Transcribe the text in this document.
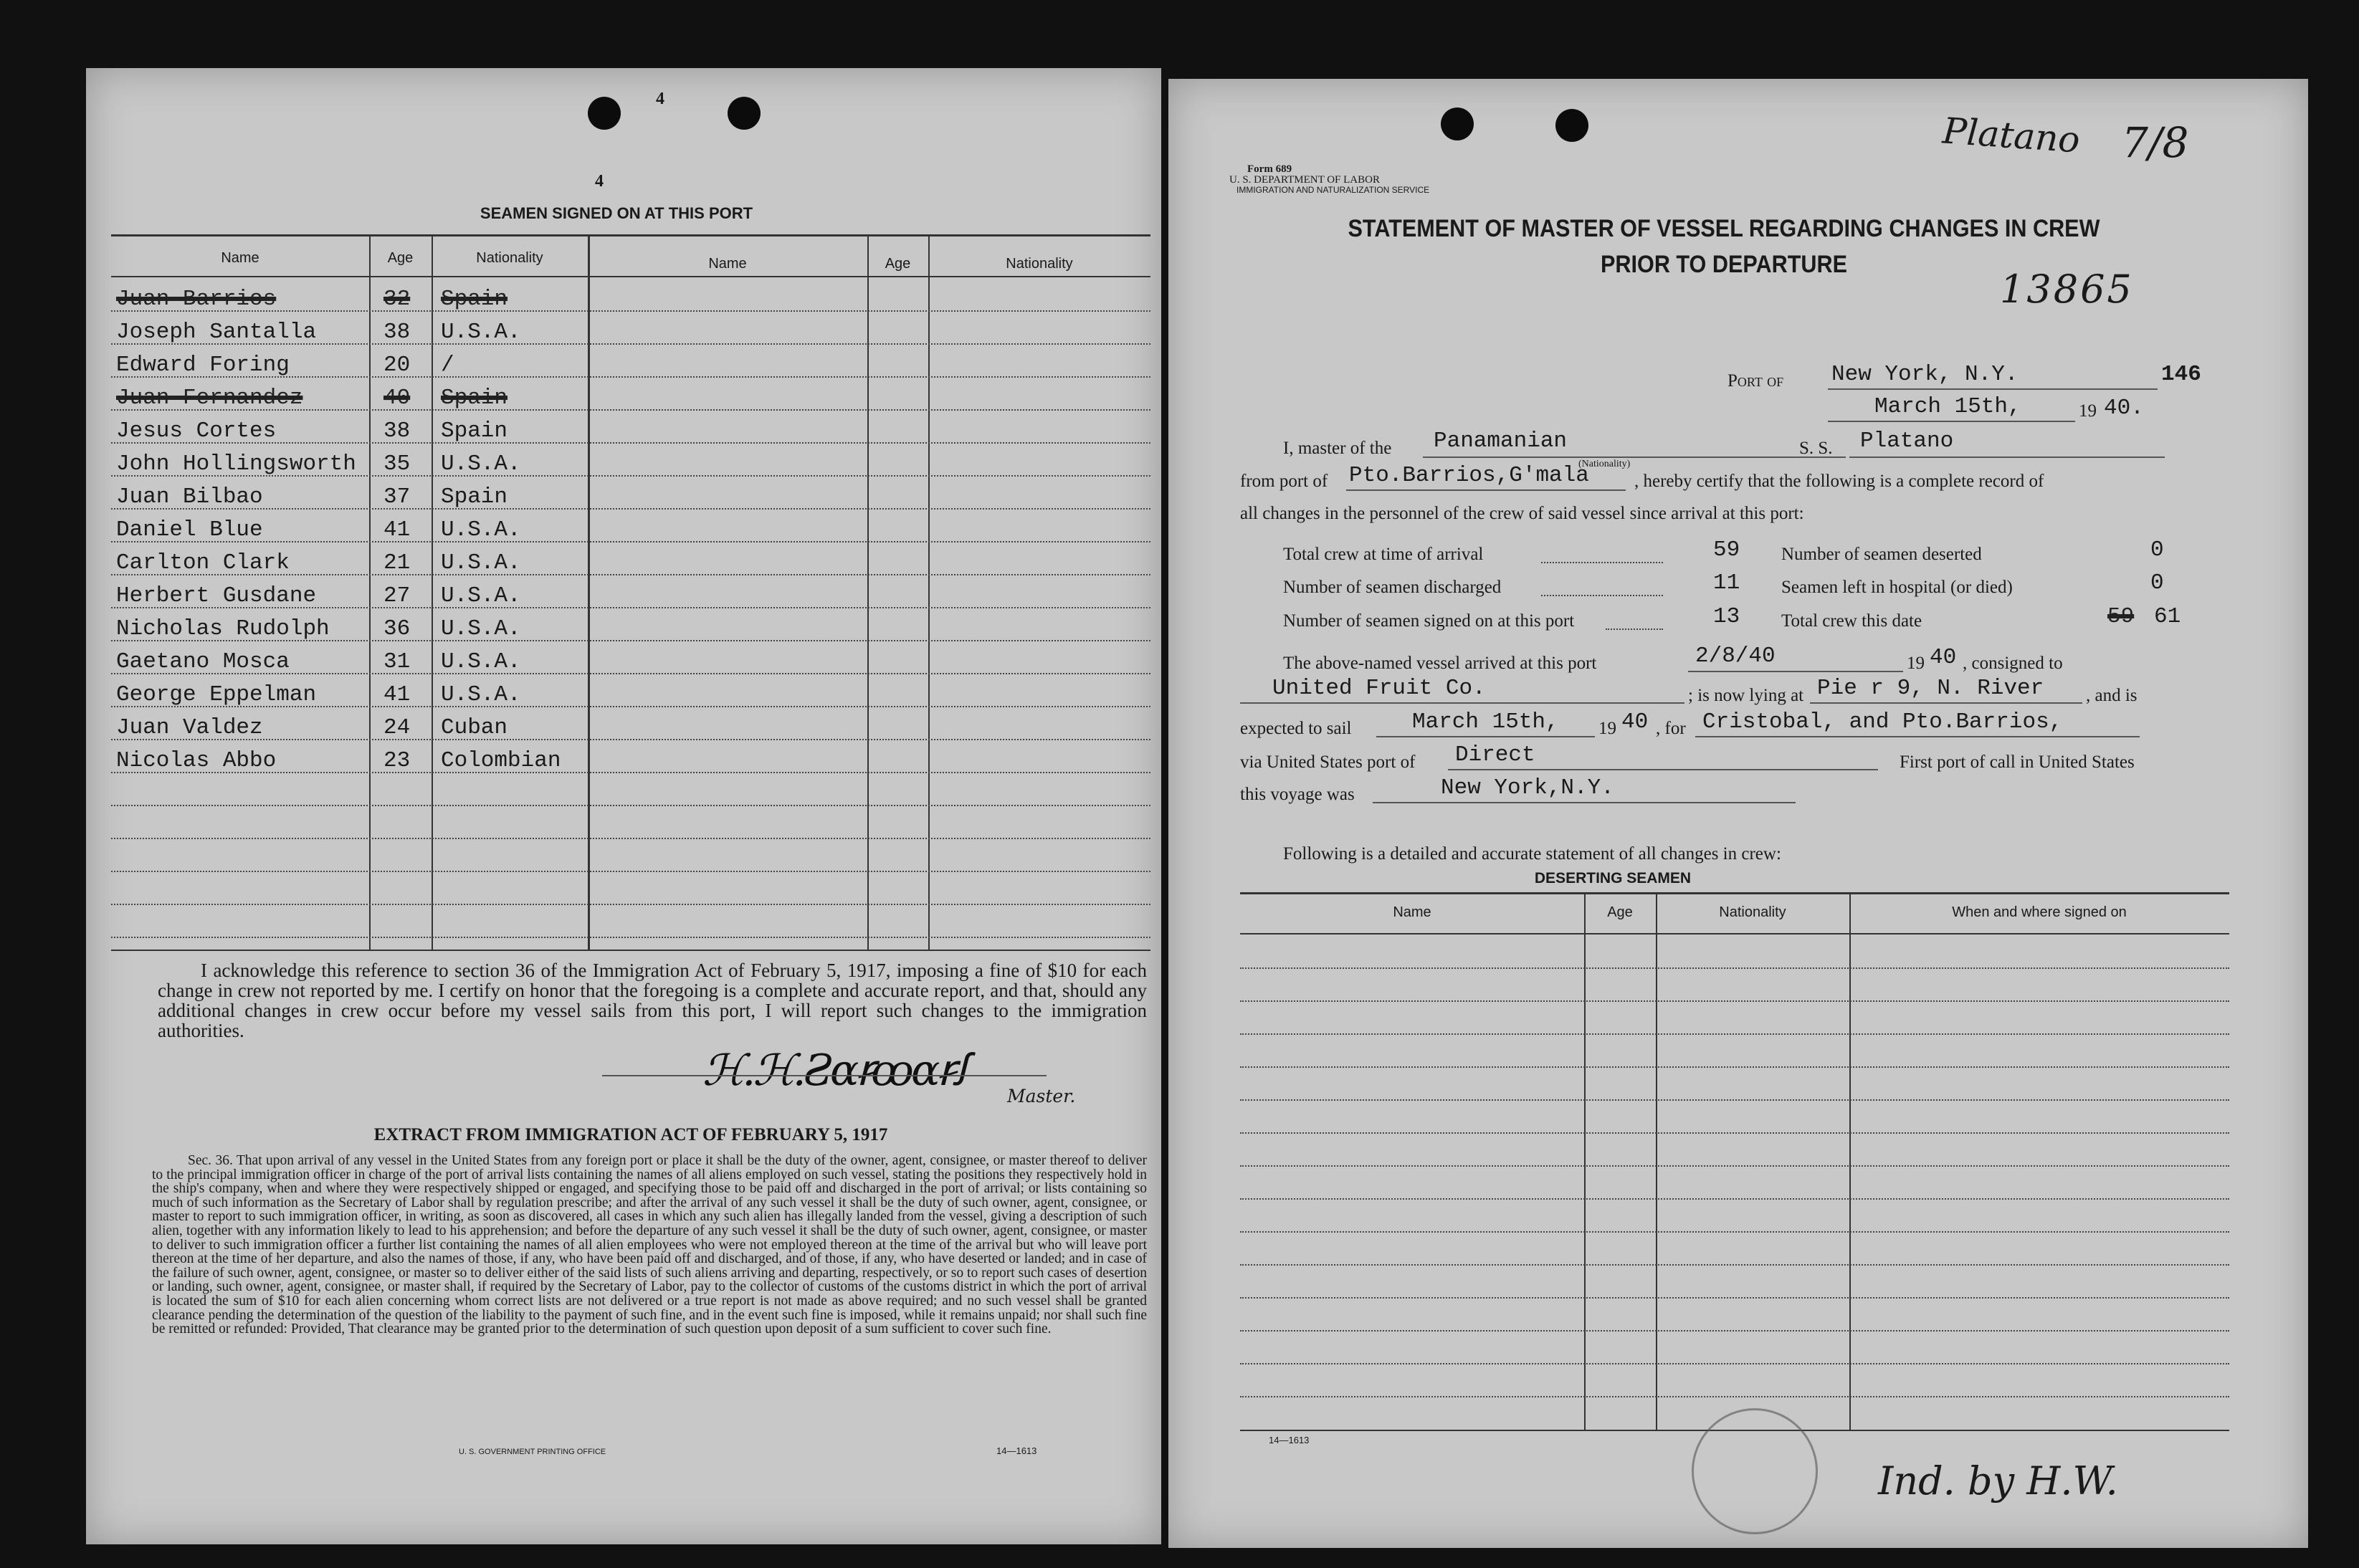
4
4
SEAMEN SIGNED ON AT THIS PORT
Name	Age	Nationality	Name	Age	Nationality
I acknowledge this reference to section 36 of the Immigration Act of February 5, 1917, imposing a fine of $10 for each change in crew not reported by me. I certify on honor that the foregoing is a complete and accurate report, and that, should any additional changes in crew occur before my vessel sails from this port, I will report such changes to the immigration authorities.
ℋ.ℋ.Ƨɑꞧꝏɑꞧꭍ
Master.
EXTRACT FROM IMMIGRATION ACT OF FEBRUARY 5, 1917
Sec. 36. That upon arrival of any vessel in the United States from any foreign port or place it shall be the duty of the owner, agent, consignee, or master thereof to deliver to the principal immigration officer in charge of the port of arrival lists containing the names of all aliens employed on such vessel, stating the positions they respectively hold in the ship's company, when and where they were respectively shipped or engaged, and specifying those to be paid off and discharged in the port of arrival; or lists containing so much of such information as the Secretary of Labor shall by regulation prescribe; and after the arrival of any such vessel it shall be the duty of such owner, agent, consignee, or master to report to such immigration officer, in writing, as soon as discovered, all cases in which any such alien has illegally landed from the vessel, giving a description of such alien, together with any information likely to lead to his apprehension; and before the departure of any such vessel it shall be the duty of such owner, agent, consignee, or master to deliver to such immigration officer a further list containing the names of all alien employees who were not employed thereon at the time of the arrival but who will leave port thereon at the time of her departure, and also the names of those, if any, who have been paid off and discharged, and of those, if any, who have deserted or landed; and in case of the failure of such owner, agent, consignee, or master so to deliver either of the said lists of such aliens arriving and departing, respectively, or so to report such cases of desertion or landing, such owner, agent, consignee, or master shall, if required by the Secretary of Labor, pay to the collector of customs of the customs district in which the port of arrival is located the sum of $10 for each alien concerning whom correct lists are not delivered or a true report is not made as above required; and no such vessel shall be granted clearance pending the determination of the question of the liability to the payment of such fine, and in the event such fine is imposed, while it remains unpaid; nor shall such fine be remitted or refunded: Provided, That clearance may be granted prior to the determination of such question upon deposit of a sum sufficient to cover such fine.
U. S. GOVERNMENT PRINTING OFFICE	14—1613
Juan Barrios	32 Spain
Joseph Santalla	38 U.S.A.
Edward Foring	20 /
Juan Fernandez	40 Spain
Jesus Cortes	38 Spain
John Hollingsworth 35 U.S.A.
Juan Bilbao	37 Spain
Daniel Blue	41 U.S.A.
Carlton Clark	21 U.S.A.
Herbert Gusdane	27 U.S.A.
Nicholas Rudolph 36 U.S.A.
Gaetano Mosca	31 U.S.A.
George Eppelman	41 U.S.A.
Juan Valdez	24 Cuban
Nicolas Abbo	23 Colombian
Form 689
U. S. DEPARTMENT OF LABOR
IMMIGRATION AND NATURALIZATION SERVICE
STATEMENT OF MASTER OF VESSEL REGARDING CHANGES IN CREW
PRIOR TO DEPARTURE
Platano 7/8
13865
Port of New York, N.Y.	146
March 15th,	19 40.
I, master of the Panamanian
(Nationality)
S. S. Platano
from port of Pto.Barrios,G'mala	, hereby certify that the following is a complete record of
all changes in the personnel of the crew of said vessel since arrival at this port:
The above-named vessel arrived at this port	2/8/40	19 40 , consigned to
United Fruit Co.	; is now lying at Pie r 9, N. River , and is
expected to sail	March 15th, 19 40 , for Cristobal, and Pto.Barrios,
via United States port of Direct	First port of call in United States
this voyage was	New York,N.Y.
Following is a detailed and accurate statement of all changes in crew:
DESERTING SEAMEN
Name	Age	Nationality	When and where signed on
14—1613
Ind. by H.W.
Total crew at time of arrival	59
Number of seamen discharged	11
Number of seamen signed on at this port	13
Number of seamen deserted	0
Seamen left in hospital (or died)	0
Total crew this date	59 61
